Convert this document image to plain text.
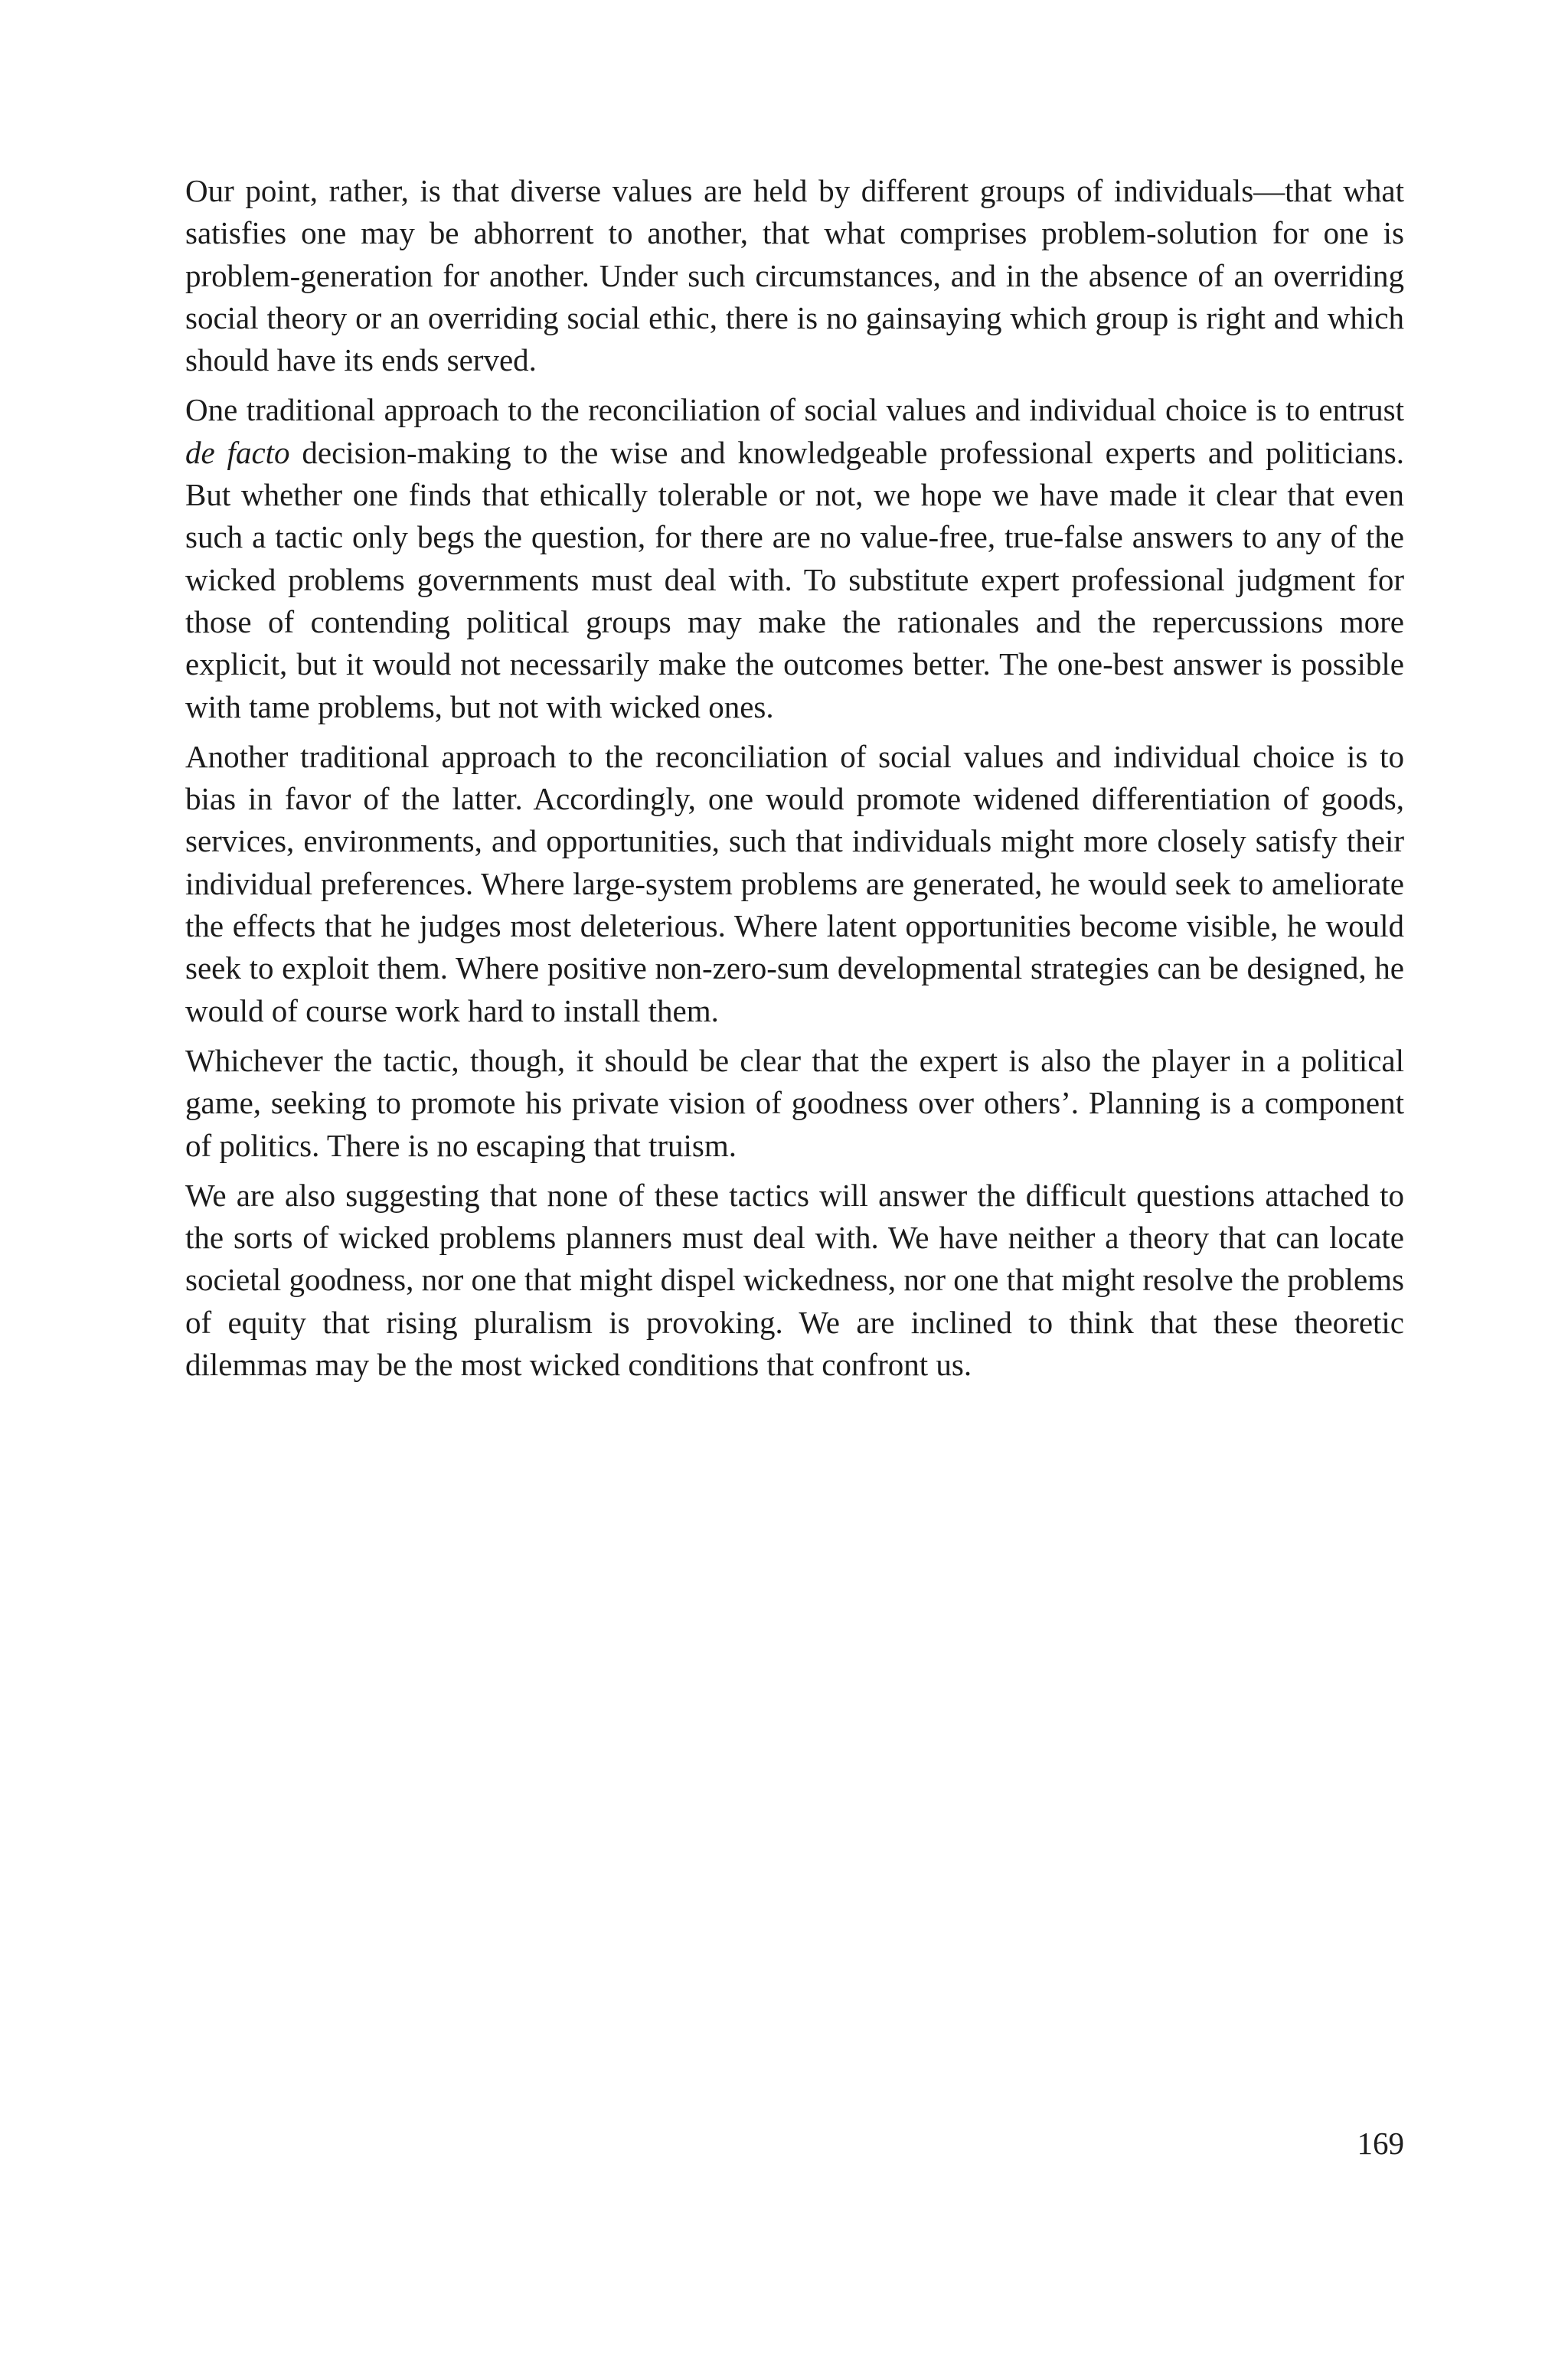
Our point, rather, is that diverse values are held by different groups of individuals—that what satisfies one may be abhorrent to another, that what comprises problem-solution for one is problem-generation for another. Under such circumstances, and in the absence of an overriding social theory or an overriding social ethic, there is no gainsaying which group is right and which should have its ends served.

One traditional approach to the reconciliation of social values and individual choice is to entrust de facto decision-making to the wise and knowledgeable professional experts and politicians. But whether one finds that ethically tolerable or not, we hope we have made it clear that even such a tactic only begs the question, for there are no value-free, true-false answers to any of the wicked problems governments must deal with. To substitute expert professional judgment for those of contending political groups may make the rationales and the repercussions more explicit, but it would not necessarily make the outcomes better. The one-best answer is possible with tame problems, but not with wicked ones.

Another traditional approach to the reconciliation of social values and individual choice is to bias in favor of the latter. Accordingly, one would promote widened differentiation of goods, services, environments, and opportunities, such that individuals might more closely satisfy their individual preferences. Where large-system problems are generated, he would seek to ameliorate the effects that he judges most deleterious. Where latent opportunities become visible, he would seek to exploit them. Where positive non-zero-sum developmental strategies can be designed, he would of course work hard to install them.

Whichever the tactic, though, it should be clear that the expert is also the player in a political game, seeking to promote his private vision of goodness over others’. Planning is a component of politics. There is no escaping that truism.

We are also suggesting that none of these tactics will answer the difficult questions attached to the sorts of wicked problems planners must deal with. We have neither a theory that can locate societal goodness, nor one that might dispel wickedness, nor one that might resolve the problems of equity that rising pluralism is provoking. We are inclined to think that these theoretic dilemmas may be the most wicked conditions that confront us.

169
